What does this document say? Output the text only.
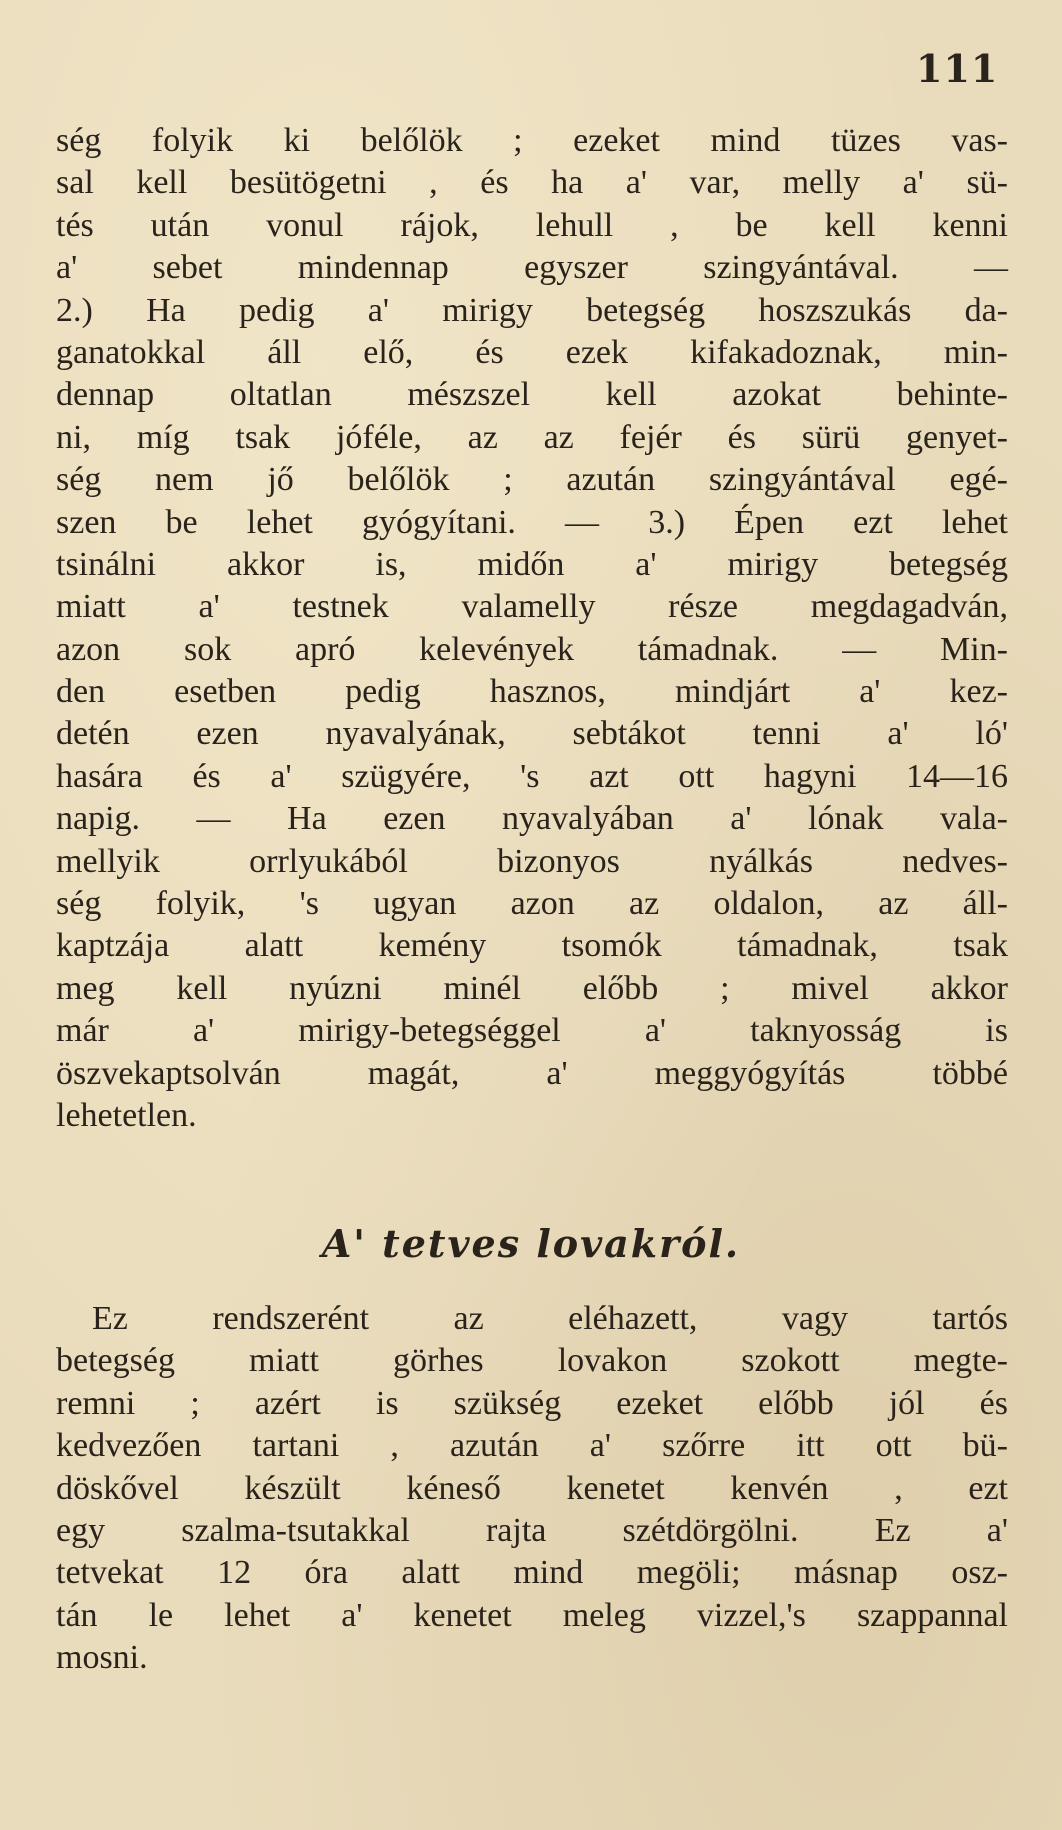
111
ség folyik ki belőlök ; ezeket mind tüzes vas-
sal kell besütögetni , és ha a' var, melly a' sü-
tés után vonul rájok, lehull , be kell kenni
a' sebet mindennap egyszer szingyántával. —
2.) Ha pedig a' mirigy betegség hoszszukás da-
ganatokkal áll elő, és ezek kifakadoznak, min-
dennap oltatlan mészszel kell azokat behinte-
ni, míg tsak jóféle, az az fejér és sürü genyet-
ség nem jő belőlök ; azután szingyántával egé-
szen be lehet gyógyítani. — 3.) Épen ezt lehet
tsinálni akkor is, midőn a' mirigy betegség
miatt a' testnek valamelly része megdagadván,
azon sok apró kelevények támadnak. — Min-
den esetben pedig hasznos, mindjárt a' kez-
detén ezen nyavalyának, sebtákot tenni a' ló'
hasára és a' szügyére, 's azt ott hagyni 14—16
napig. — Ha ezen nyavalyában a' lónak vala-
mellyik orrlyukából bizonyos nyálkás nedves-
ség folyik, 's ugyan azon az oldalon, az áll-
kaptzája alatt kemény tsomók támadnak, tsak
meg kell nyúzni minél előbb ; mivel akkor
már a' mirigy-betegséggel a' taknyosság is
öszvekaptsolván magát, a' meggyógyítás többé
lehetetlen.
A' tetves lovakról.
Ez rendszerént az eléhazett, vagy tartós
betegség miatt görhes lovakon szokott megte-
remni ; azért is szükség ezeket előbb jól és
kedvezően tartani , azután a' szőrre itt ott bü-
döskővel készült kéneső kenetet kenvén , ezt
egy szalma-tsutakkal rajta szétdörgölni. Ez a'
tetvekat 12 óra alatt mind megöli; másnap osz-
tán le lehet a' kenetet meleg vizzel,'s szappannal
mosni.
